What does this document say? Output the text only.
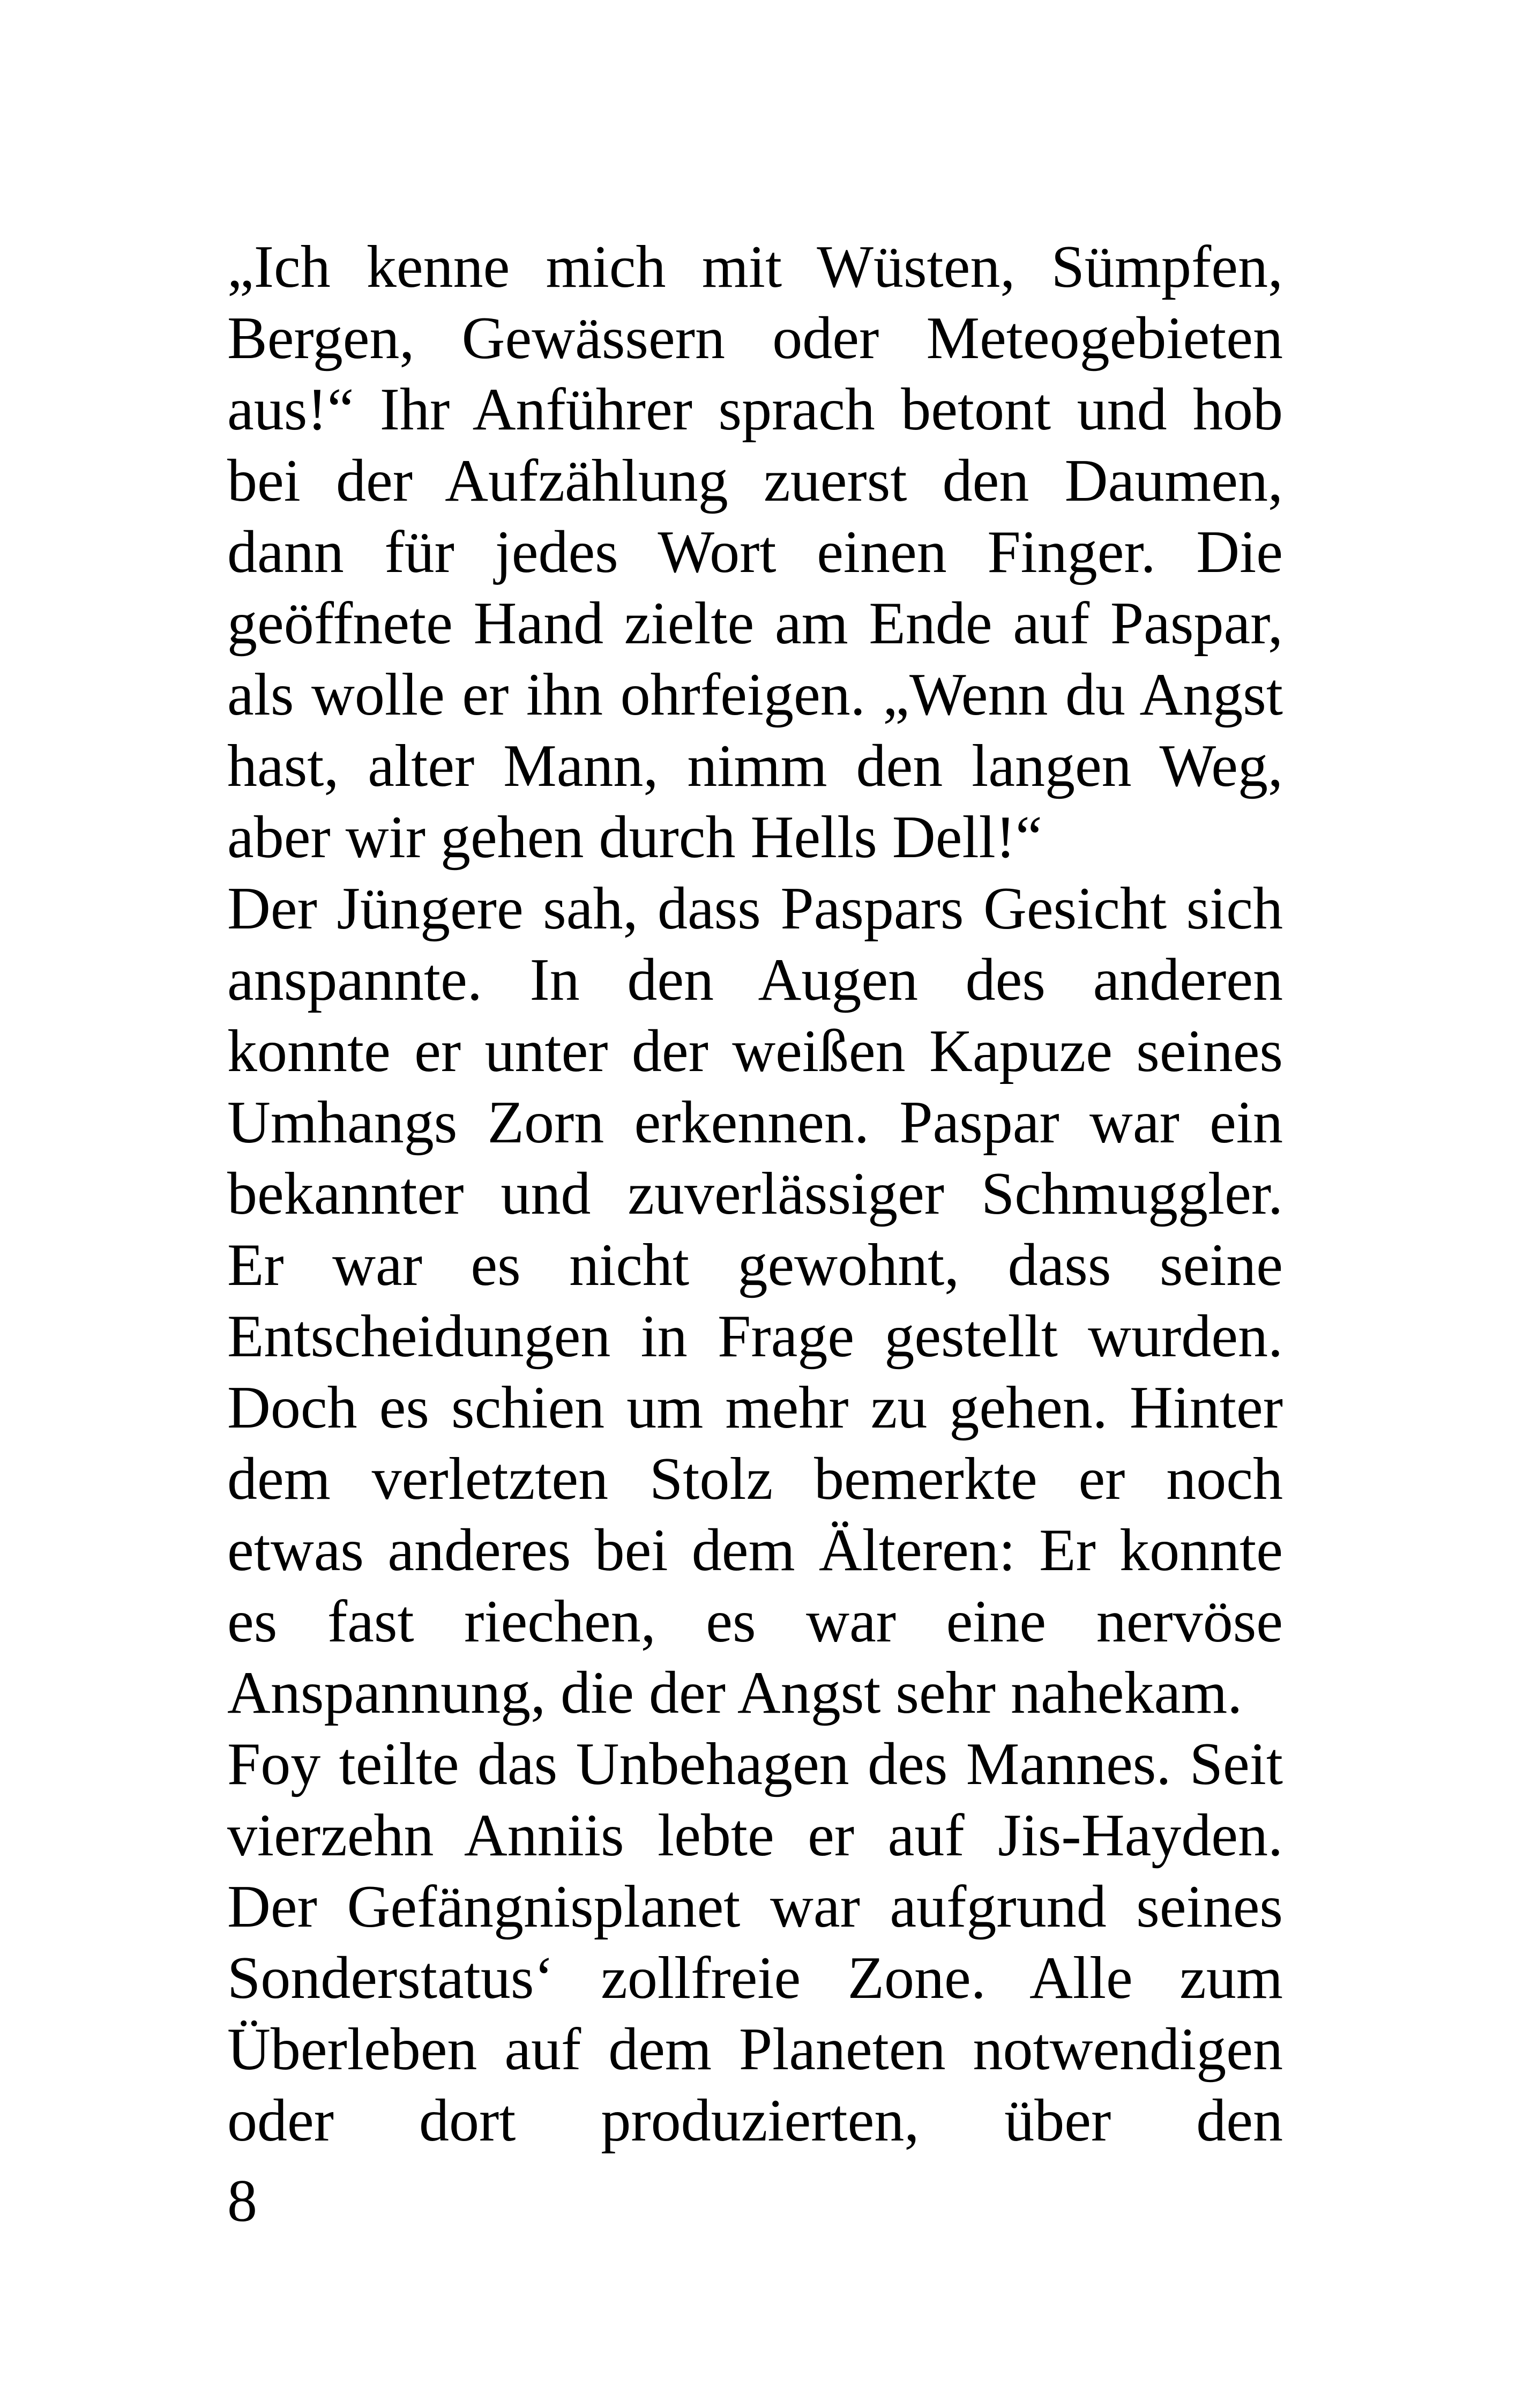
„Ich kenne mich mit Wüsten, Sümpfen,
Bergen, Gewässern oder Meteogebieten
aus!“ Ihr Anführer sprach betont und hob
bei der Aufzählung zuerst den Daumen,
dann für jedes Wort einen Finger. Die
geöffnete Hand zielte am Ende auf Paspar,
als wolle er ihn ohrfeigen. „Wenn du Angst
hast, alter Mann, nimm den langen Weg,
aber wir gehen durch Hells Dell!“
Der Jüngere sah, dass Paspars Gesicht sich
anspannte. In den Augen des anderen
konnte er unter der weißen Kapuze seines
Umhangs Zorn erkennen. Paspar war ein
bekannter und zuverlässiger Schmuggler.
Er war es nicht gewohnt, dass seine
Entscheidungen in Frage gestellt wurden.
Doch es schien um mehr zu gehen. Hinter
dem verletzten Stolz bemerkte er noch
etwas anderes bei dem Älteren: Er konnte
es fast riechen, es war eine nervöse
Anspannung, die der Angst sehr nahekam.
Foy teilte das Unbehagen des Mannes. Seit
vierzehn Anniis lebte er auf Jis-Hayden.
Der Gefängnisplanet war aufgrund seines
Sonderstatus‘ zollfreie Zone. Alle zum
Überleben auf dem Planeten notwendigen
oder dort produzierten, über den
8
